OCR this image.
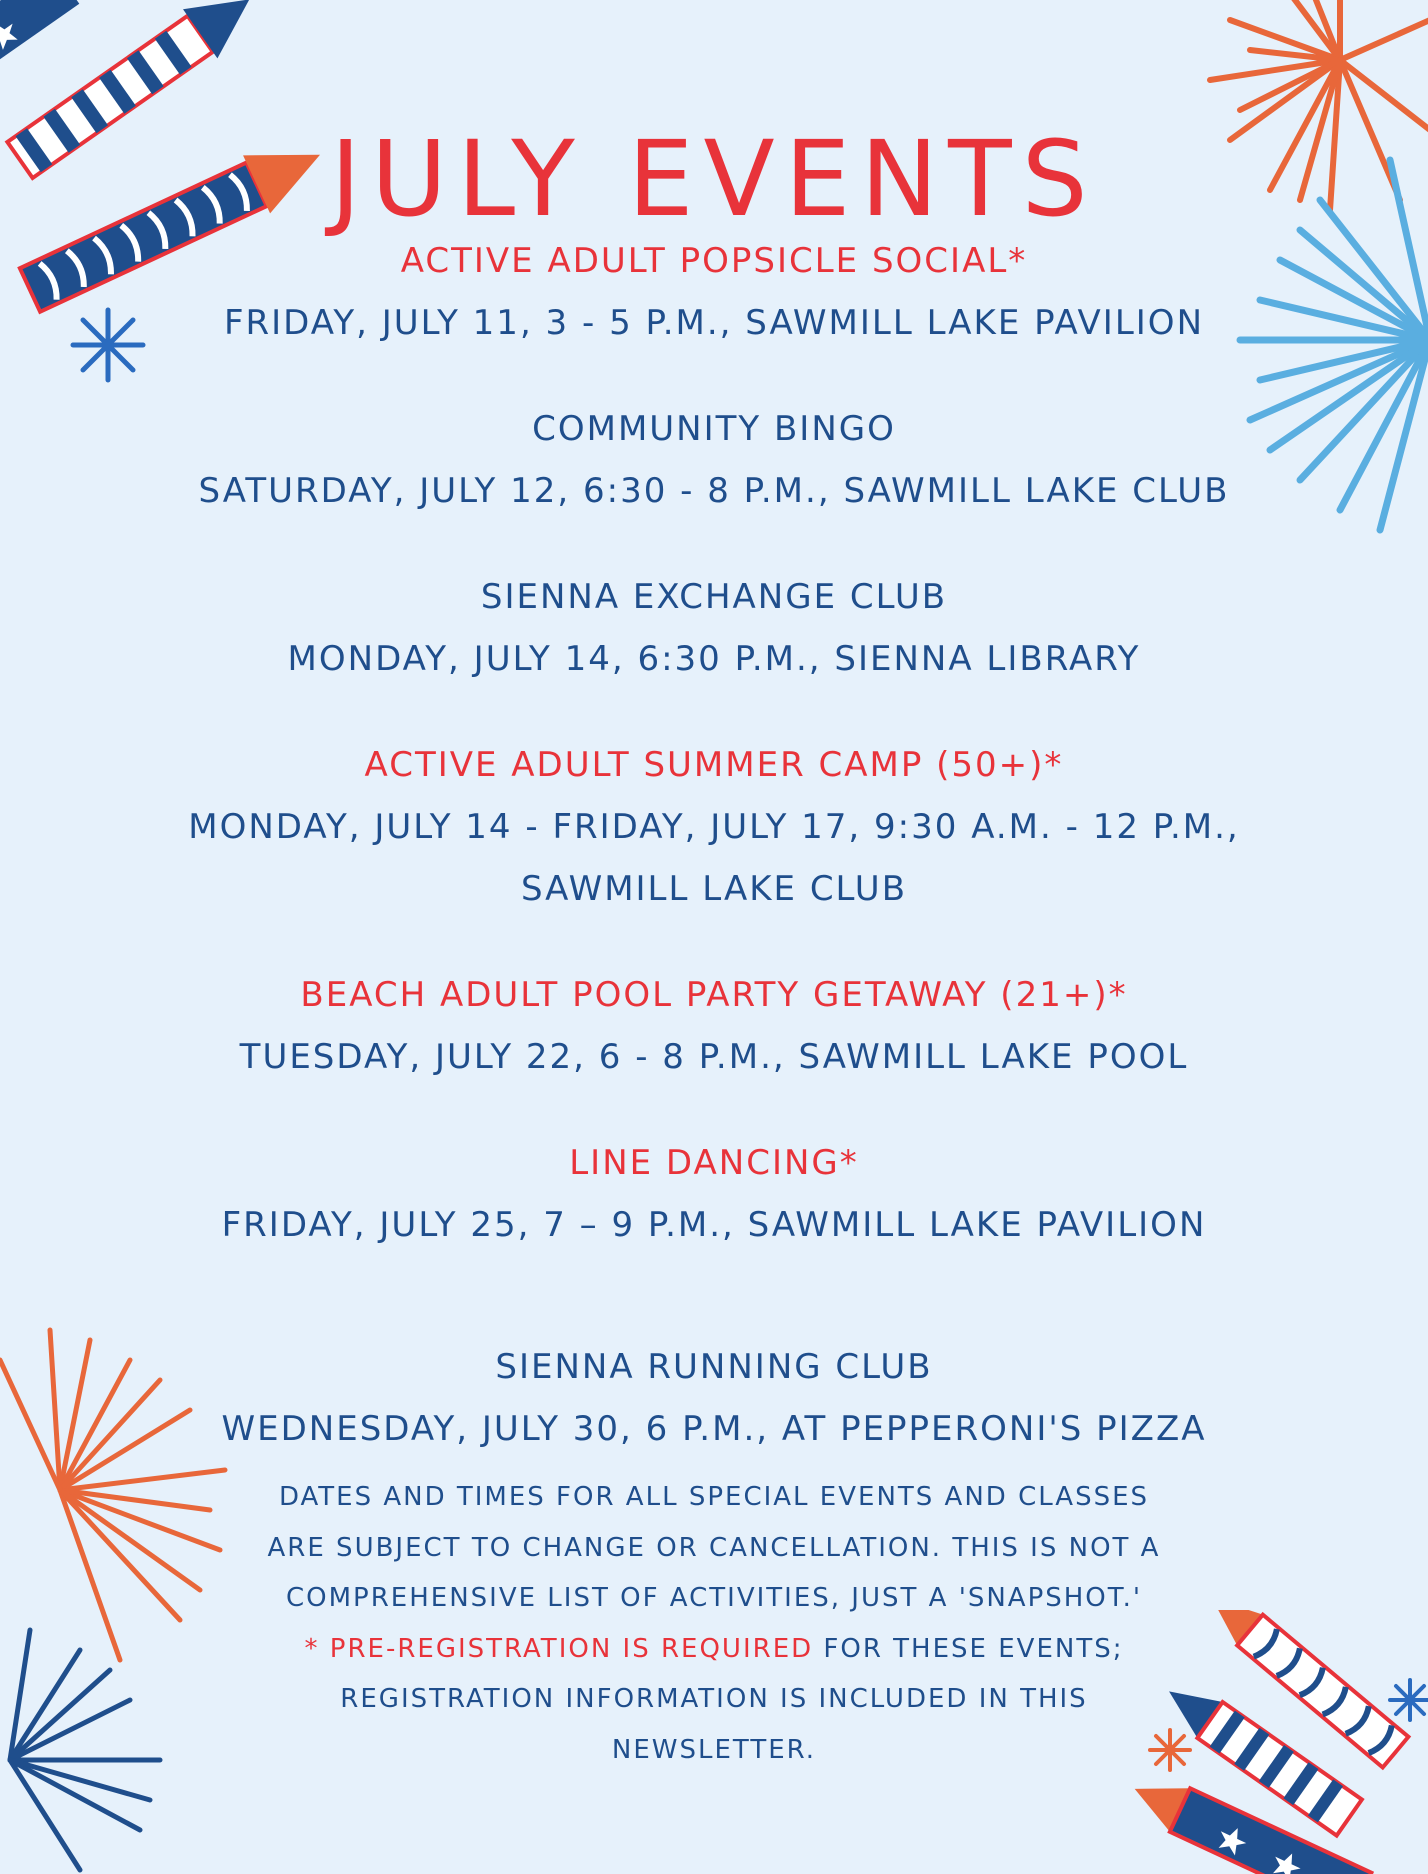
JULY EVENTS
ACTIVE ADULT POPSICLE SOCIAL*
FRIDAY, JULY 11, 3 - 5 P.M., SAWMILL LAKE PAVILION
COMMUNITY BINGO
SATURDAY, JULY 12, 6:30 - 8 P.M., SAWMILL LAKE CLUB
SIENNA EXCHANGE CLUB
MONDAY, JULY 14, 6:30 P.M., SIENNA LIBRARY
ACTIVE ADULT SUMMER CAMP (50+)*
MONDAY, JULY 14 - FRIDAY, JULY 17, 9:30 A.M. - 12 P.M.,
SAWMILL LAKE CLUB
BEACH ADULT POOL PARTY GETAWAY (21+)*
TUESDAY, JULY 22, 6 - 8 P.M., SAWMILL LAKE POOL
LINE DANCING*
FRIDAY, JULY 25, 7 – 9 P.M., SAWMILL LAKE PAVILION
SIENNA RUNNING CLUB
WEDNESDAY, JULY 30, 6 P.M., AT PEPPERONI'S PIZZA
DATES AND TIMES FOR ALL SPECIAL EVENTS AND CLASSES ARE SUBJECT TO CHANGE OR CANCELLATION. THIS IS NOT A COMPREHENSIVE LIST OF ACTIVITIES, JUST A 'SNAPSHOT.'
* PRE-REGISTRATION IS REQUIRED FOR THESE EVENTS; REGISTRATION INFORMATION IS INCLUDED IN THIS NEWSLETTER.
